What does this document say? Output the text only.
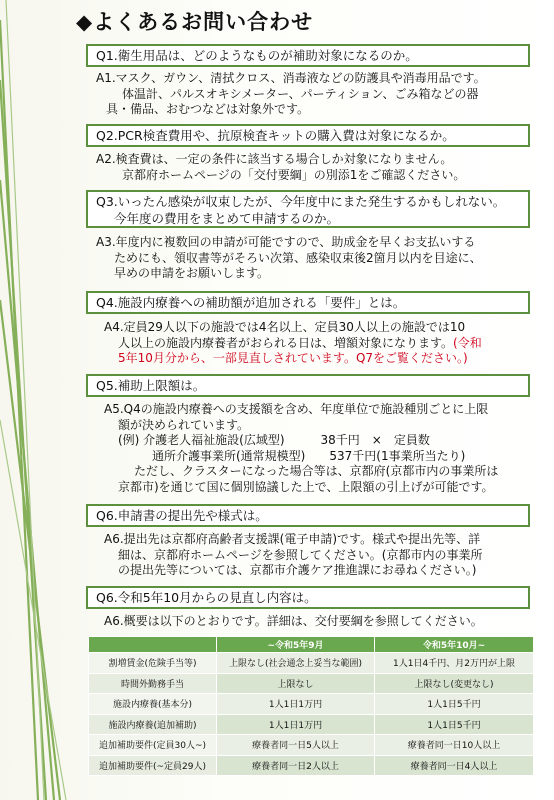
◆よくあるお問い合わせ
Q1.衛生用品は、どのようなものが補助対象になるのか。
A1.マスク、ガウン、清拭クロス、消毒液などの防護具や消毒用品です。
体温計、パルスオキシメーター、パーティション、ごみ箱などの器
具・備品、おむつなどは対象外です。
Q2.PCR検査費用や、抗原検査キットの購入費は対象になるか。
A2.検査費は、一定の条件に該当する場合しか対象になりません。
京都府ホームページの「交付要綱」の別添1をご確認ください。
Q3.いったん感染が収束したが、今年度中にまた発生するかもしれない。
今年度の費用をまとめて申請するのか。
A3.年度内に複数回の申請が可能ですので、助成金を早くお支払いする
ためにも、領収書等がそろい次第、感染収束後2箇月以内を目途に、
早めの申請をお願いします。
Q4.施設内療養への補助額が追加される「要件」とは。
A4.定員29人以下の施設では4名以上、定員30人以上の施設では10
人以上の施設内療養者がおられる日は、増額対象になります。(令和
5年10月分から、一部見直しされています。Q7をご覧ください。)
Q5.補助上限額は。
A5.Q4の施設内療養への支援額を含め、年度単位で施設種別ごとに上限
額が決められています。
(例) 介護老人福祉施設(広域型)　　　38千円　×　定員数
通所介護事業所(通常規模型)　　537千円(1事業所当たり)
ただし、クラスターになった場合等は、京都府(京都市内の事業所は
京都市)を通じて国に個別協議した上で、上限額の引上げが可能です。
Q6.申請書の提出先や様式は。
A6.提出先は京都府高齢者支援課(電子申請)です。様式や提出先等、詳
細は、京都府ホームページを参照してください。(京都市内の事業所
の提出先等については、京都市介護ケア推進課にお尋ねください。)
Q6.令和5年10月からの見直し内容は。
A6.概要は以下のとおりです。詳細は、交付要綱を参照してください。
	~令和5年9月	令和5年10月~
割増賃金(危険手当等)	上限なし(社会通念上妥当な範囲)	1人1日4千円、月2万円が上限
時間外勤務手当	上限なし	上限なし(変更なし)
施設内療養(基本分)	1人1日1万円	1人1日5千円
施設内療養(追加補助)	1人1日1万円	1人1日5千円
追加補助要件(定員30人~)	療養者同一日5人以上	療養者同一日10人以上
追加補助要件(~定員29人)	療養者同一日2人以上	療養者同一日4人以上
